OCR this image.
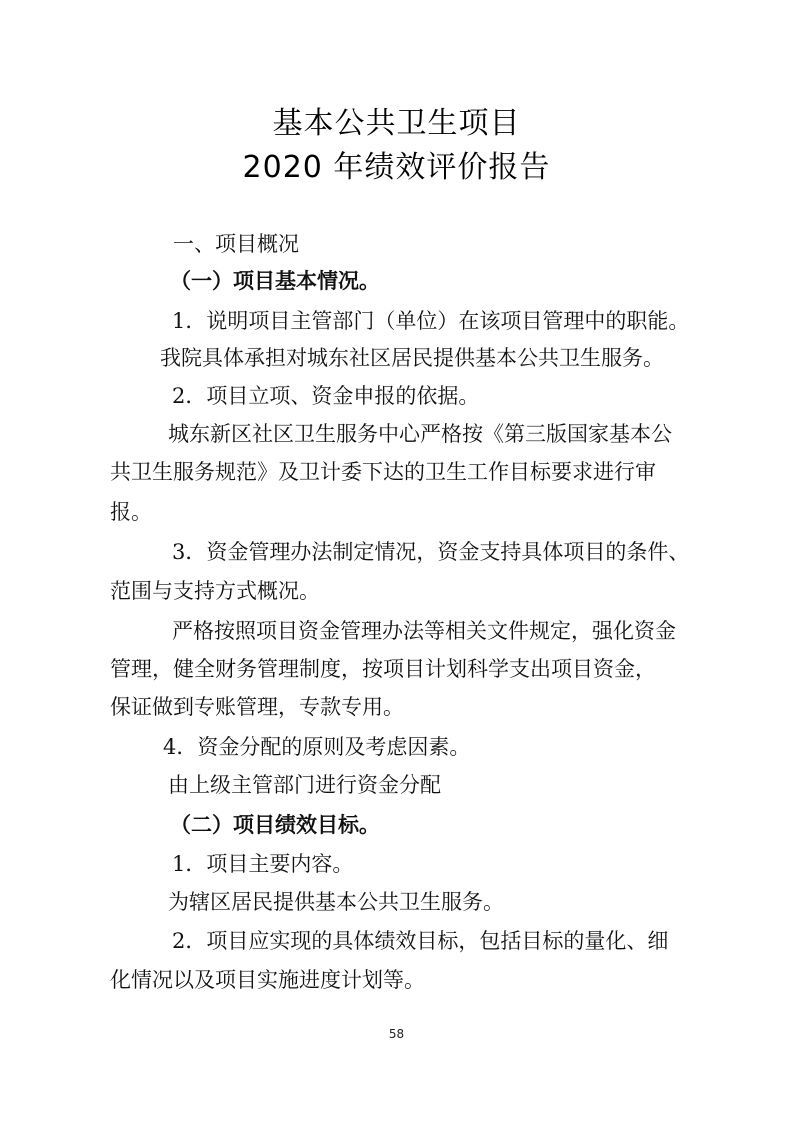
基本公共卫生项目
2020 年绩效评价报告
一、项目概况
（一）项目基本情况。
1．说明项目主管部门（单位）在该项目管理中的职能。
我院具体承担对城东社区居民提供基本公共卫生服务。
2．项目立项、资金申报的依据。
城东新区社区卫生服务中心严格按《第三版国家基本公
共卫生服务规范》及卫计委下达的卫生工作目标要求进行审
报。
3．资金管理办法制定情况，资金支持具体项目的条件、
范围与支持方式概况。
严格按照项目资金管理办法等相关文件规定，强化资金
管理，健全财务管理制度，按项目计划科学支出项目资金，
保证做到专账管理，专款专用。
4．资金分配的原则及考虑因素。
由上级主管部门进行资金分配
（二）项目绩效目标。
1．项目主要内容。
为辖区居民提供基本公共卫生服务。
2．项目应实现的具体绩效目标，包括目标的量化、细
化情况以及项目实施进度计划等。
58
